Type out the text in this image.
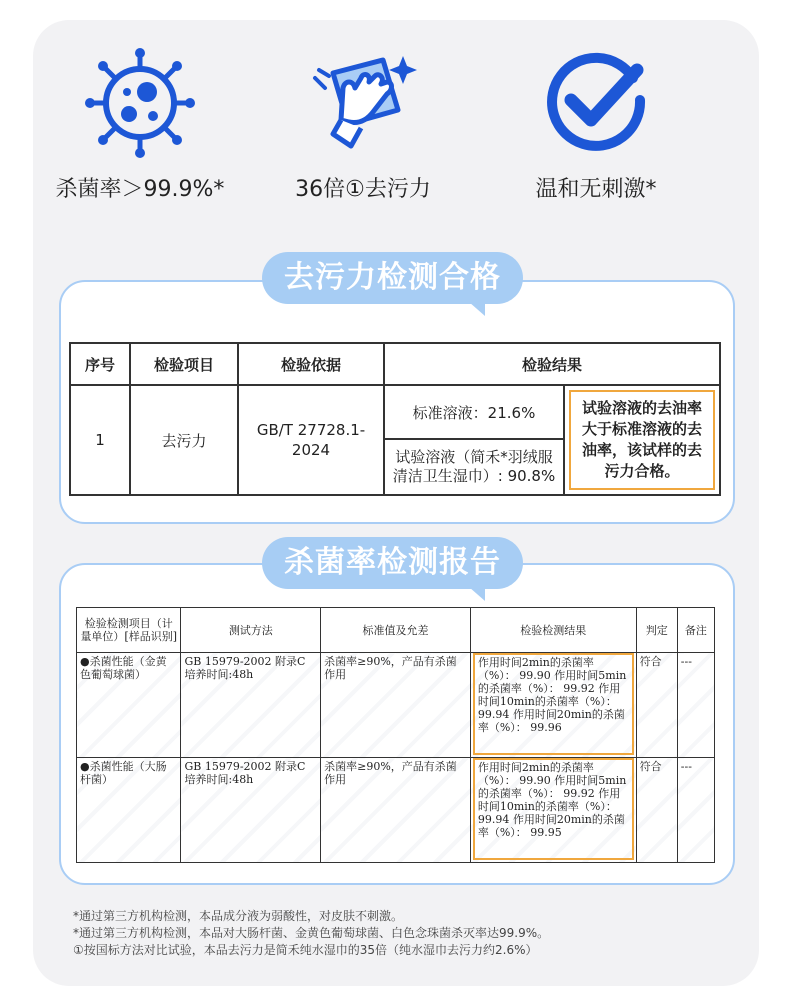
杀菌率＞99.9%*	36倍①去污力	温和无刺激*
去污力检测合格
序号	检验项目	检验依据	检验结果	
1	去污力	GB/T 27728.1-2024	标准溶液：21.6%	试验溶液的去油率大于标准溶液的去油率，该试样的去污力合格。

			试验溶液（简禾*羽绒服清洁卫生湿巾）: 90.8%	
杀菌率检测报告
检验检测项目（计量单位）[样品识别]	测试方法	标准值及允差	检验检测结果	判定	备注
●杀菌性能（金黄色葡萄球菌）	GB 15979-2002 附录C 培养时间:48h	杀菌率≥90%，产品有杀菌作用	作用时间2min的杀菌率（%）： 99.90 作用时间5min的杀菌率（%）： 99.92 作用时间10min的杀菌率（%）： 99.94 作用时间20min的杀菌率（%）： 99.96	符合	---
●杀菌性能（大肠杆菌）	GB 15979-2002 附录C 培养时间:48h	杀菌率≥90%，产品有杀菌作用	作用时间2min的杀菌率（%）： 99.90 作用时间5min的杀菌率（%）： 99.92 作用时间10min的杀菌率（%）： 99.94 作用时间20min的杀菌率（%）： 99.95	符合	---
*通过第三方机构检测，本品成分液为弱酸性，对皮肤不刺激。
*通过第三方机构检测，本品对大肠杆菌、金黄色葡萄球菌、白色念珠菌杀灭率达99.9%。
①按国标方法对比试验，本品去污力是简禾纯水湿巾的35倍（纯水湿巾去污力约2.6%）
